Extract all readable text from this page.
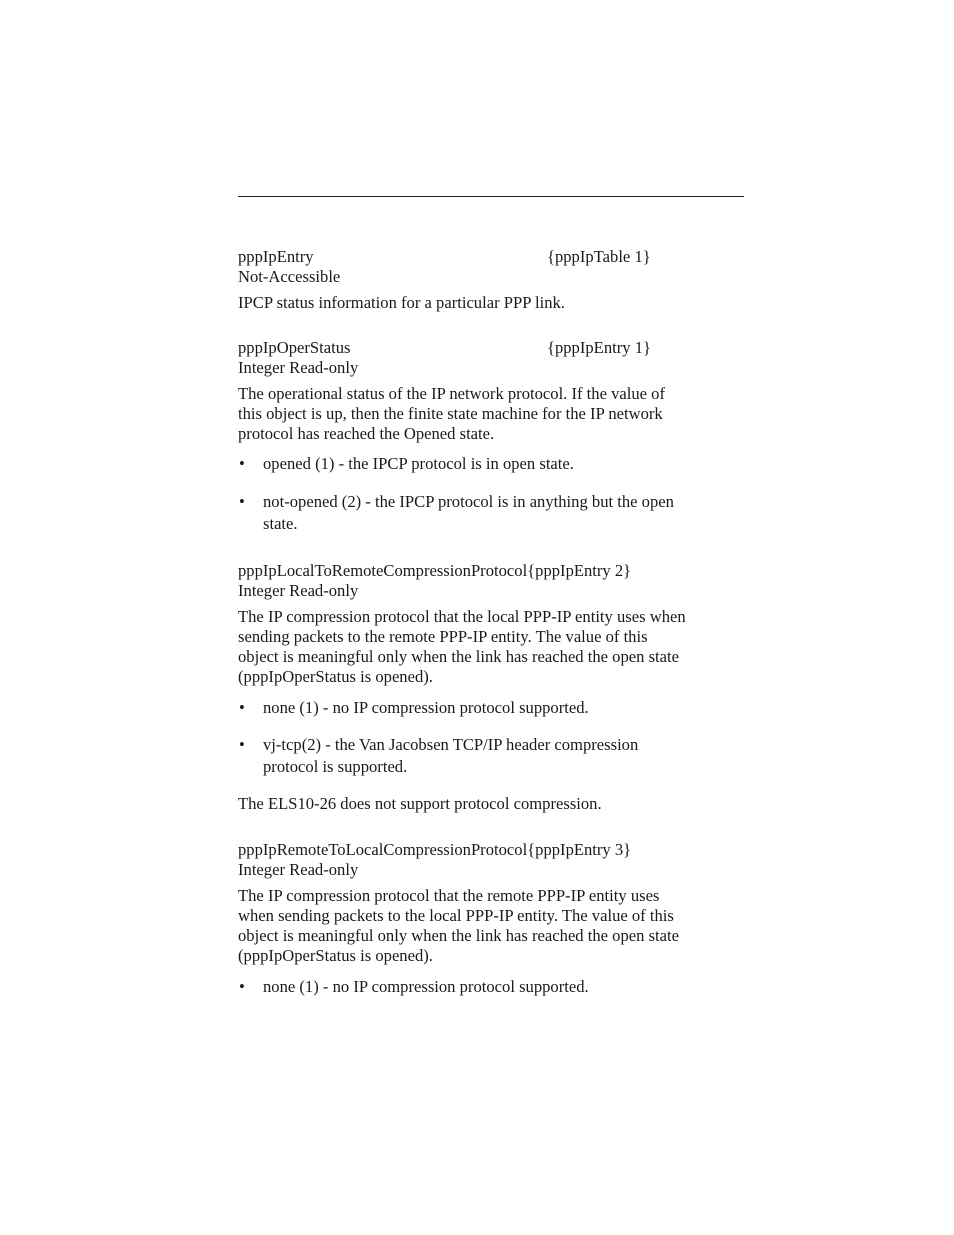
pppIpEntry	{pppIpTable 1}
Not-Accessible
IPCP status information for a particular PPP link.
pppIpOperStatus	{pppIpEntry 1}
Integer Read-only
The operational status of the IP network protocol. If the value of
this object is up, then the finite state machine for the IP network
protocol has reached the Opened state.
• opened (1) - the IPCP protocol is in open state.
• not-opened (2) - the IPCP protocol is in anything but the open
state.
pppIpLocalToRemoteCompressionProtocol{pppIpEntry 2}
Integer Read-only
The IP compression protocol that the local PPP-IP entity uses when
sending packets to the remote PPP-IP entity. The value of this
object is meaningful only when the link has reached the open state
(pppIpOperStatus is opened).
• none (1) - no IP compression protocol supported.
• vj-tcp(2) - the Van Jacobsen TCP/IP header compression
protocol is supported.
The ELS10-26 does not support protocol compression.
pppIpRemoteToLocalCompressionProtocol{pppIpEntry 3}
Integer Read-only
The IP compression protocol that the remote PPP-IP entity uses
when sending packets to the local PPP-IP entity. The value of this
object is meaningful only when the link has reached the open state
(pppIpOperStatus is opened).
• none (1) - no IP compression protocol supported.
